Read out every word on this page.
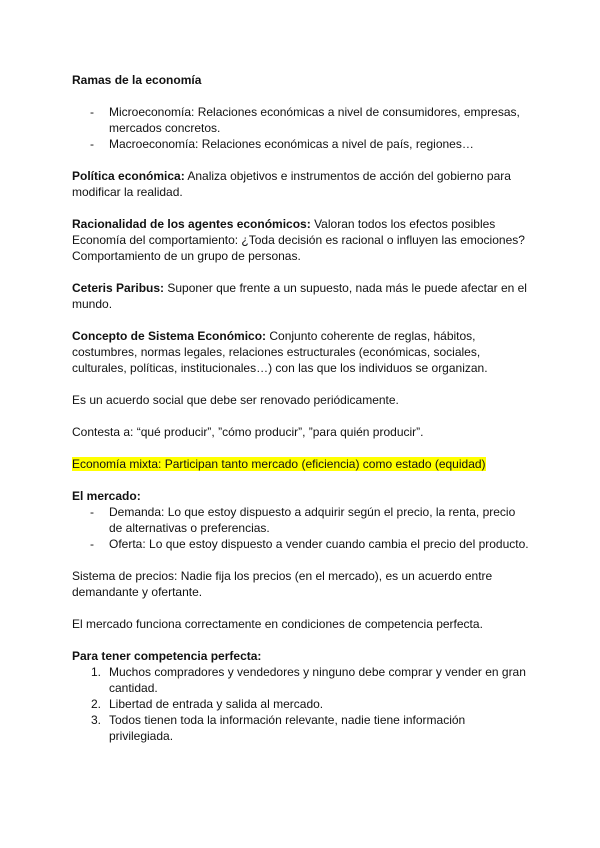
Ramas de la economía

- Microeconomía: Relaciones económicas a nivel de consumidores, empresas, mercados concretos.
- Macroeconomía: Relaciones económicas a nivel de país, regiones…

Política económica: Analiza objetivos e instrumentos de acción del gobierno para modificar la realidad.

Racionalidad de los agentes económicos: Valoran todos los efectos posibles Economía del comportamiento: ¿Toda decisión es racional o influyen las emociones? Comportamiento de un grupo de personas.

Ceteris Paribus: Suponer que frente a un supuesto, nada más le puede afectar en el mundo.

Concepto de Sistema Económico: Conjunto coherente de reglas, hábitos, costumbres, normas legales, relaciones estructurales (económicas, sociales, culturales, políticas, institucionales…) con las que los individuos se organizan.

Es un acuerdo social que debe ser renovado periódicamente.

Contesta a: “qué producir”, ”cómo producir”, ”para quién producir”.

Economía mixta: Participan tanto mercado (eficiencia) como estado (equidad)

El mercado:

- Demanda: Lo que estoy dispuesto a adquirir según el precio, la renta, precio de alternativas o preferencias.
- Oferta: Lo que estoy dispuesto a vender cuando cambia el precio del producto.

Sistema de precios: Nadie fija los precios (en el mercado), es un acuerdo entre demandante y ofertante.

El mercado funciona correctamente en condiciones de competencia perfecta.

Para tener competencia perfecta:

1. Muchos compradores y vendedores y ninguno debe comprar y vender en gran cantidad.
2. Libertad de entrada y salida al mercado.
3. Todos tienen toda la información relevante, nadie tiene información privilegiada.
